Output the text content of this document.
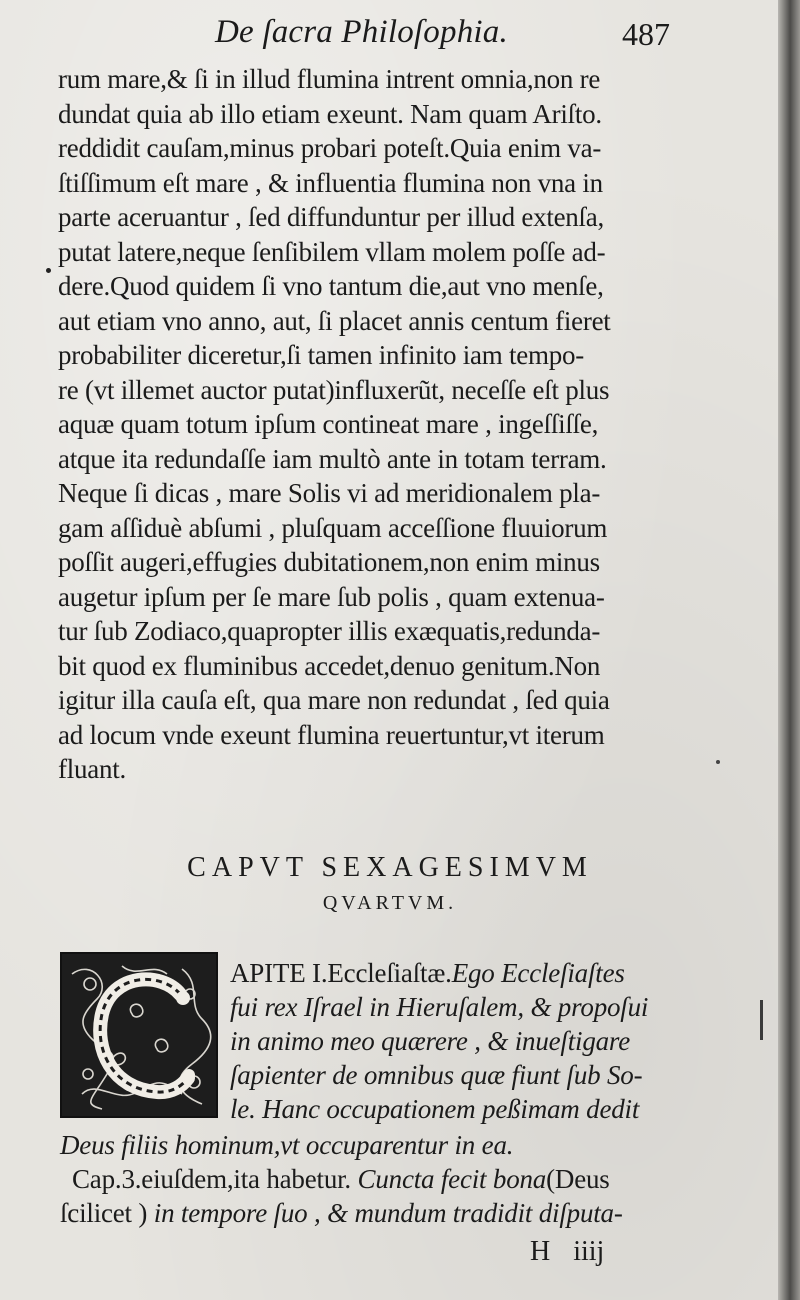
De ſacra Philoſophia.	487
rum mare,& ſi in illud flumina intrent omnia,non re
dundat quia ab illo etiam exeunt. Nam quam Ariſto.
reddidit cauſam,minus probari poteſt.Quia enim va-
ſtiſſimum eſt mare , & influentia flumina non vna in
parte aceruantur , ſed diffunduntur per illud extenſa,
putat latere,neque ſenſibilem vllam molem poſſe ad-
dere.Quod quidem ſi vno tantum die,aut vno menſe,
aut etiam vno anno, aut, ſi placet annis centum fieret
probabiliter diceretur,ſi tamen infinito iam tempo-
re (vt illemet auctor putat)influxerũt, neceſſe eſt plus
aquæ quam totum ipſum contineat mare , ingeſſiſſe,
atque ita redundaſſe iam multò ante in totam terram.
Neque ſi dicas , mare Solis vi ad meridionalem pla-
gam aſſiduè abſumi , pluſquam acceſſione fluuiorum
poſſit augeri,effugies dubitationem,non enim minus
augetur ipſum per ſe mare ſub polis , quam extenua-
tur ſub Zodiaco,quapropter illis exæquatis,redunda-
bit quod ex fluminibus accedet,denuo genitum.Non
igitur illa cauſa eſt, qua mare non redundat , ſed quia
ad locum vnde exeunt flumina reuertuntur,vt iterum
fluant.
CAPVT SEXAGESIMVM
QVARTVM.
APITE I.Eccleſiaſtæ.Ego Eccleſiaſtes
fui rex Iſrael in Hieruſalem, & propoſui
in animo meo quærere , & inueſtigare
ſapienter de omnibus quæ fiunt ſub So-
le. Hanc occupationem peßimam dedit
Deus filiis hominum,vt occuparentur in ea.
Cap.3.eiuſdem,ita habetur. Cuncta fecit bona(Deus
ſcilicet ) in tempore ſuo , & mundum tradidit diſputa-
H iiij
